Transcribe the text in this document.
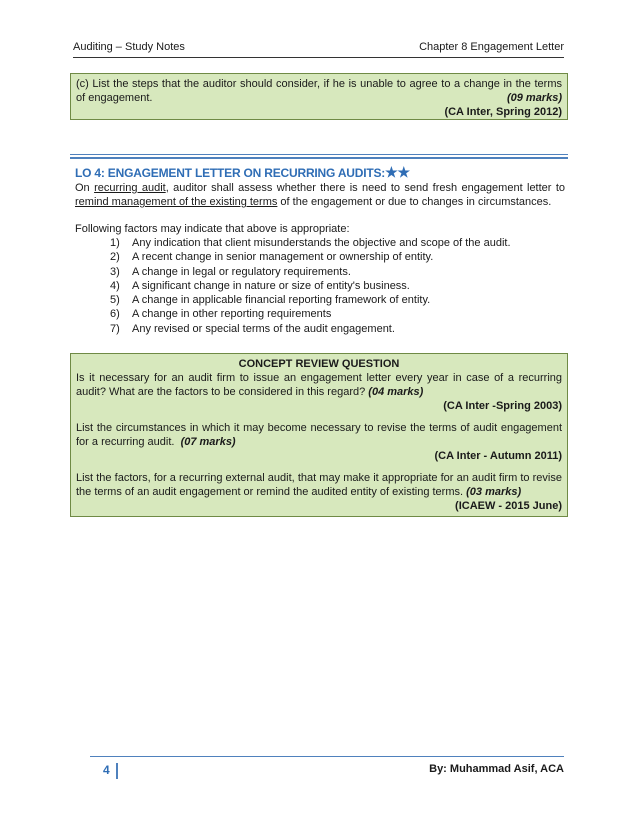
Auditing – Study Notes	Chapter 8 Engagement Letter
(c) List the steps that the auditor should consider, if he is unable to agree to a change in the terms of engagement.	(09 marks)
(CA Inter, Spring 2012)
LO 4: ENGAGEMENT LETTER ON RECURRING AUDITS:★★
On recurring audit, auditor shall assess whether there is need to send fresh engagement letter to remind management of the existing terms of the engagement or due to changes in circumstances.
Following factors may indicate that above is appropriate:
1)	Any indication that client misunderstands the objective and scope of the audit.
2)	A recent change in senior management or ownership of entity.
3)	A change in legal or regulatory requirements.
4)	A significant change in nature or size of entity's business.
5)	A change in applicable financial reporting framework of entity.
6)	A change in other reporting requirements
7)	Any revised or special terms of the audit engagement.
CONCEPT REVIEW QUESTION
Is it necessary for an audit firm to issue an engagement letter every year in case of a recurring audit? What are the factors to be considered in this regard? (04 marks)
(CA Inter -Spring 2003)
List the circumstances in which it may become necessary to revise the terms of audit engagement for a recurring audit. (07 marks)
(CA Inter - Autumn 2011)
List the factors, for a recurring external audit, that may make it appropriate for an audit firm to revise the terms of an audit engagement or remind the audited entity of existing terms. (03 marks)
(ICAEW - 2015 June)
4	By: Muhammad Asif, ACA
